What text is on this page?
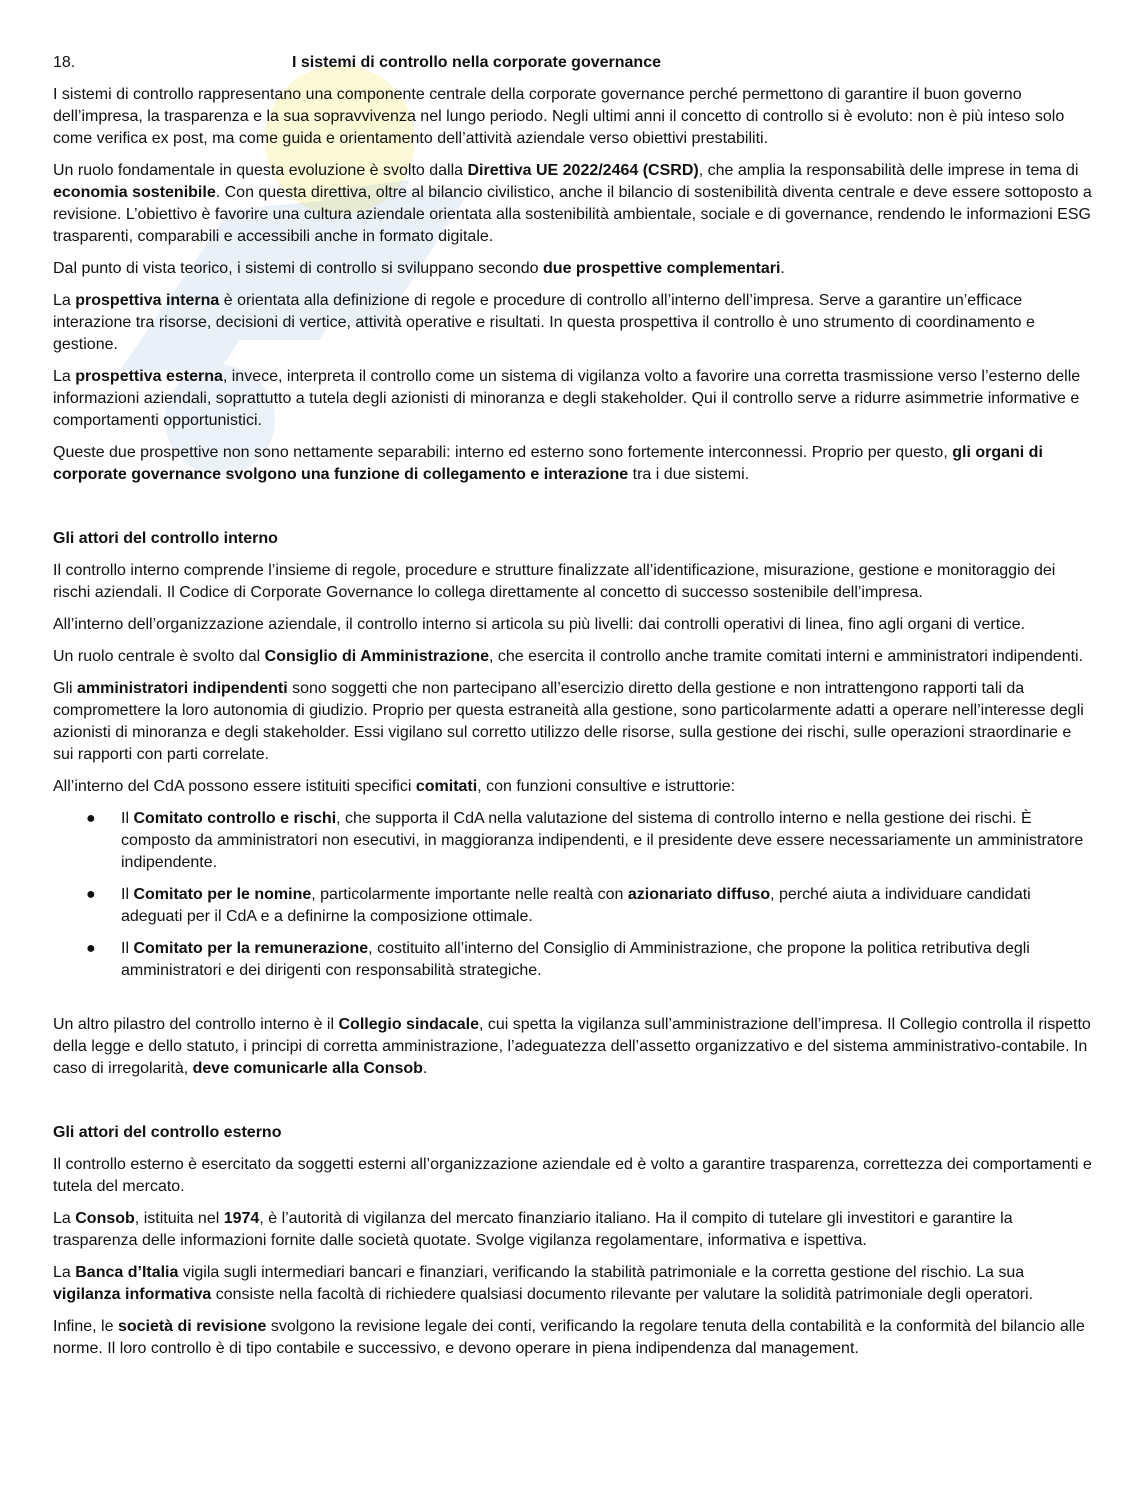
18.	I sistemi di controllo nella corporate governance

I sistemi di controllo rappresentano una componente centrale della corporate governance perché permettono di garantire il buon governo dell’impresa, la trasparenza e la sua sopravvivenza nel lungo periodo. Negli ultimi anni il concetto di controllo si è evoluto: non è più inteso solo come verifica ex post, ma come guida e orientamento dell’attività aziendale verso obiettivi prestabiliti.

Un ruolo fondamentale in questa evoluzione è svolto dalla Direttiva UE 2022/2464 (CSRD), che amplia la responsabilità delle imprese in tema di economia sostenibile. Con questa direttiva, oltre al bilancio civilistico, anche il bilancio di sostenibilità diventa centrale e deve essere sottoposto a revisione. L’obiettivo è favorire una cultura aziendale orientata alla sostenibilità ambientale, sociale e di governance, rendendo le informazioni ESG trasparenti, comparabili e accessibili anche in formato digitale.

Dal punto di vista teorico, i sistemi di controllo si sviluppano secondo due prospettive complementari.

La prospettiva interna è orientata alla definizione di regole e procedure di controllo all’interno dell’impresa. Serve a garantire un’efficace interazione tra risorse, decisioni di vertice, attività operative e risultati. In questa prospettiva il controllo è uno strumento di coordinamento e gestione.

La prospettiva esterna, invece, interpreta il controllo come un sistema di vigilanza volto a favorire una corretta trasmissione verso l’esterno delle informazioni aziendali, soprattutto a tutela degli azionisti di minoranza e degli stakeholder. Qui il controllo serve a ridurre asimmetrie informative e comportamenti opportunistici.

Queste due prospettive non sono nettamente separabili: interno ed esterno sono fortemente interconnessi. Proprio per questo, gli organi di corporate governance svolgono una funzione di collegamento e interazione tra i due sistemi.

Gli attori del controllo interno

Il controllo interno comprende l’insieme di regole, procedure e strutture finalizzate all’identificazione, misurazione, gestione e monitoraggio dei rischi aziendali. Il Codice di Corporate Governance lo collega direttamente al concetto di successo sostenibile dell’impresa.

All’interno dell’organizzazione aziendale, il controllo interno si articola su più livelli: dai controlli operativi di linea, fino agli organi di vertice.

Un ruolo centrale è svolto dal Consiglio di Amministrazione, che esercita il controllo anche tramite comitati interni e amministratori indipendenti.

Gli amministratori indipendenti sono soggetti che non partecipano all’esercizio diretto della gestione e non intrattengono rapporti tali da compromettere la loro autonomia di giudizio. Proprio per questa estraneità alla gestione, sono particolarmente adatti a operare nell’interesse degli azionisti di minoranza e degli stakeholder. Essi vigilano sul corretto utilizzo delle risorse, sulla gestione dei rischi, sulle operazioni straordinarie e sui rapporti con parti correlate.

All’interno del CdA possono essere istituiti specifici comitati, con funzioni consultive e istruttorie:

● Il Comitato controllo e rischi, che supporta il CdA nella valutazione del sistema di controllo interno e nella gestione dei rischi. È composto da amministratori non esecutivi, in maggioranza indipendenti, e il presidente deve essere necessariamente un amministratore indipendente.
● Il Comitato per le nomine, particolarmente importante nelle realtà con azionariato diffuso, perché aiuta a individuare candidati adeguati per il CdA e a definirne la composizione ottimale.
● Il Comitato per la remunerazione, costituito all’interno del Consiglio di Amministrazione, che propone la politica retributiva degli amministratori e dei dirigenti con responsabilità strategiche.

Un altro pilastro del controllo interno è il Collegio sindacale, cui spetta la vigilanza sull’amministrazione dell’impresa. Il Collegio controlla il rispetto della legge e dello statuto, i principi di corretta amministrazione, l’adeguatezza dell’assetto organizzativo e del sistema amministrativo-contabile. In caso di irregolarità, deve comunicarle alla Consob.

Gli attori del controllo esterno

Il controllo esterno è esercitato da soggetti esterni all’organizzazione aziendale ed è volto a garantire trasparenza, correttezza dei comportamenti e tutela del mercato.

La Consob, istituita nel 1974, è l’autorità di vigilanza del mercato finanziario italiano. Ha il compito di tutelare gli investitori e garantire la trasparenza delle informazioni fornite dalle società quotate. Svolge vigilanza regolamentare, informativa e ispettiva.

La Banca d’Italia vigila sugli intermediari bancari e finanziari, verificando la stabilità patrimoniale e la corretta gestione del rischio. La sua vigilanza informativa consiste nella facoltà di richiedere qualsiasi documento rilevante per valutare la solidità patrimoniale degli operatori.

Infine, le società di revisione svolgono la revisione legale dei conti, verificando la regolare tenuta della contabilità e la conformità del bilancio alle norme. Il loro controllo è di tipo contabile e successivo, e devono operare in piena indipendenza dal management.
